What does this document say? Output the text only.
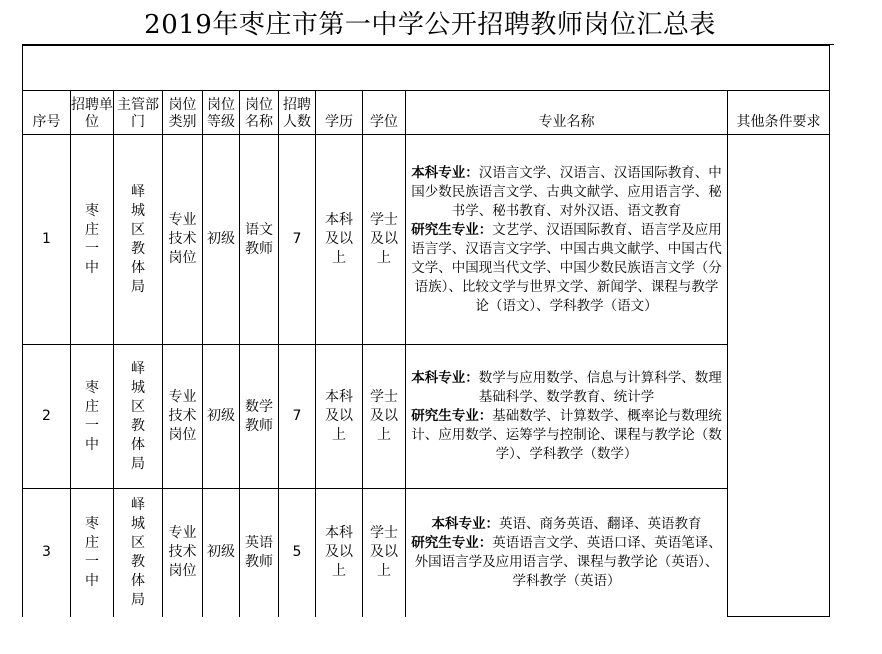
2019年枣庄市第一中学公开招聘教师岗位汇总表

序号	招聘单位	主管部门	岗位类别	岗位等级	岗位名称	招聘人数	学历	学位	专业名称	其他条件要求
1	枣庄一中	峄城区教体局	专业技术岗位	初级	语文教师	7	本科及以上	学士及以上	本科专业：汉语言文学、汉语言、汉语国际教育、中国少数民族语言文学、古典文献学、应用语言学、秘书学、秘书教育、对外汉语、语文教育
研究生专业：文艺学、汉语国际教育、语言学及应用语言学、汉语言文字学、中国古典文献学、中国古代文学、中国现当代文学、中国少数民族语言文学（分语族）、比较文学与世界文学、新闻学、课程与教学论（语文）、学科教学（语文）	
2	枣庄一中	峄城区教体局	专业技术岗位	初级	数学教师	7	本科及以上	学士及以上	本科专业：数学与应用数学、信息与计算科学、数理基础科学、数学教育、统计学
研究生专业：基础数学、计算数学、概率论与数理统计、应用数学、运筹学与控制论、课程与教学论（数学）、学科教学（数学）	
3	枣庄一中	峄城区教体局	专业技术岗位	初级	英语教师	5	本科及以上	学士及以上	本科专业：英语、商务英语、翻译、英语教育
研究生专业：英语语言文学、英语口译、英语笔译、外国语言学及应用语言学、课程与教学论（英语）、学科教学（英语）	
